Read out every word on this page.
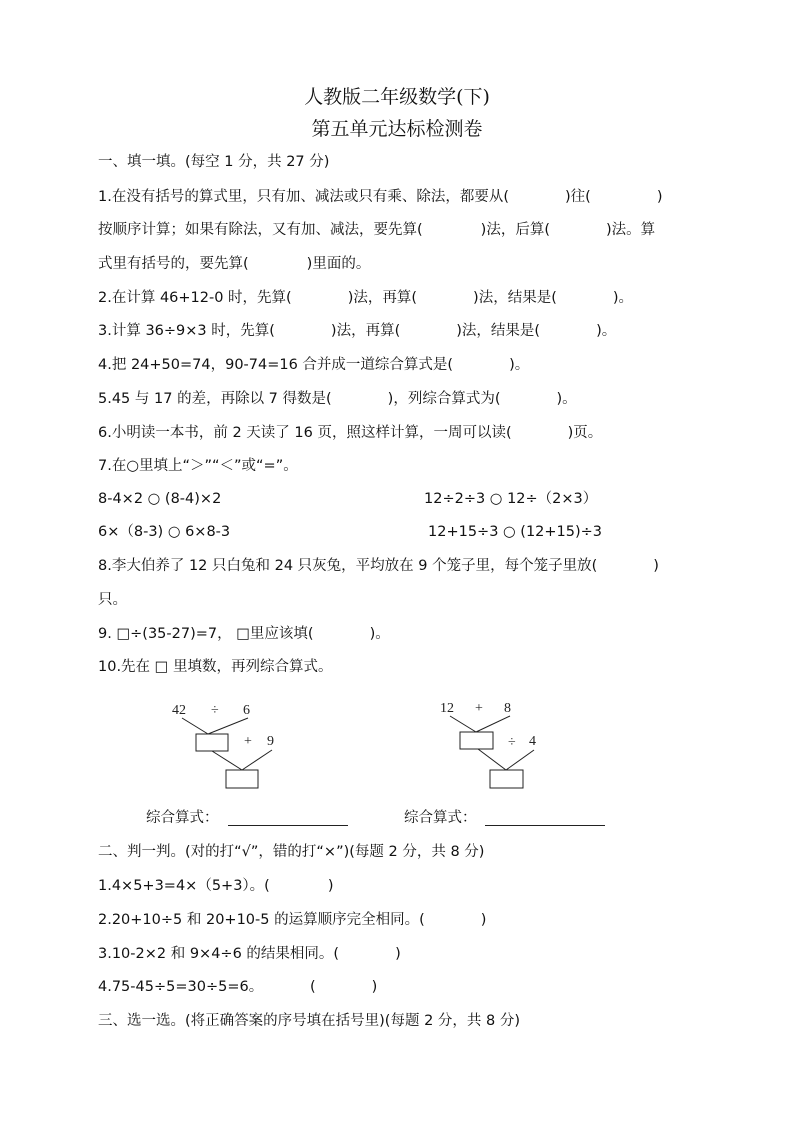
人教版二年级数学(下)
第五单元达标检测卷
一、填一填。(每空 1 分，共 27 分)
1.在没有括号的算式里，只有加、减法或只有乘、除法，都要从(	)往(	)
按顺序计算；如果有除法，又有加、减法，要先算(	)法，后算(	)法。算
式里有括号的，要先算(	)里面的。
2.在计算 46+12-0 时，先算(	)法，再算(	)法，结果是(	)。
3.计算 36÷9×3 时，先算(	)法，再算(	)法，结果是(	)。
4.把 24+50=74，90-74=16 合并成一道综合算式是(	)。
5.45 与 17 的差，再除以 7 得数是(	)，列综合算式为(	)。
6.小明读一本书，前 2 天读了 16 页，照这样计算，一周可以读(	)页。
7.在○里填上“＞”“＜”或“=”。
8-4×2 ○ (8-4)×2	12÷2÷3 ○ 12÷（2×3）
6×（8-3) ○ 6×8-3	12+15÷3 ○ (12+15)÷3
8.李大伯养了 12 只白兔和 24 只灰兔，平均放在 9 个笼子里，每个笼子里放(	)
只。
9. □÷(35-27)=7， □里应该填(	)。
10.先在 □ 里填数，再列综合算式。
42 ÷ 6
+ 9
12 + 8
÷ 4
综合算式：	综合算式：
二、判一判。(对的打“√”，错的打“×”)(每题 2 分，共 8 分)
1.4×5+3=4×（5+3）。(	)
2.20+10÷5 和 20+10-5 的运算顺序完全相同。(	)
3.10-2×2 和 9×4÷6 的结果相同。(	)
4.75-45÷5=30÷5=6。	(	)
三、选一选。(将正确答案的序号填在括号里)(每题 2 分，共 8 分)
